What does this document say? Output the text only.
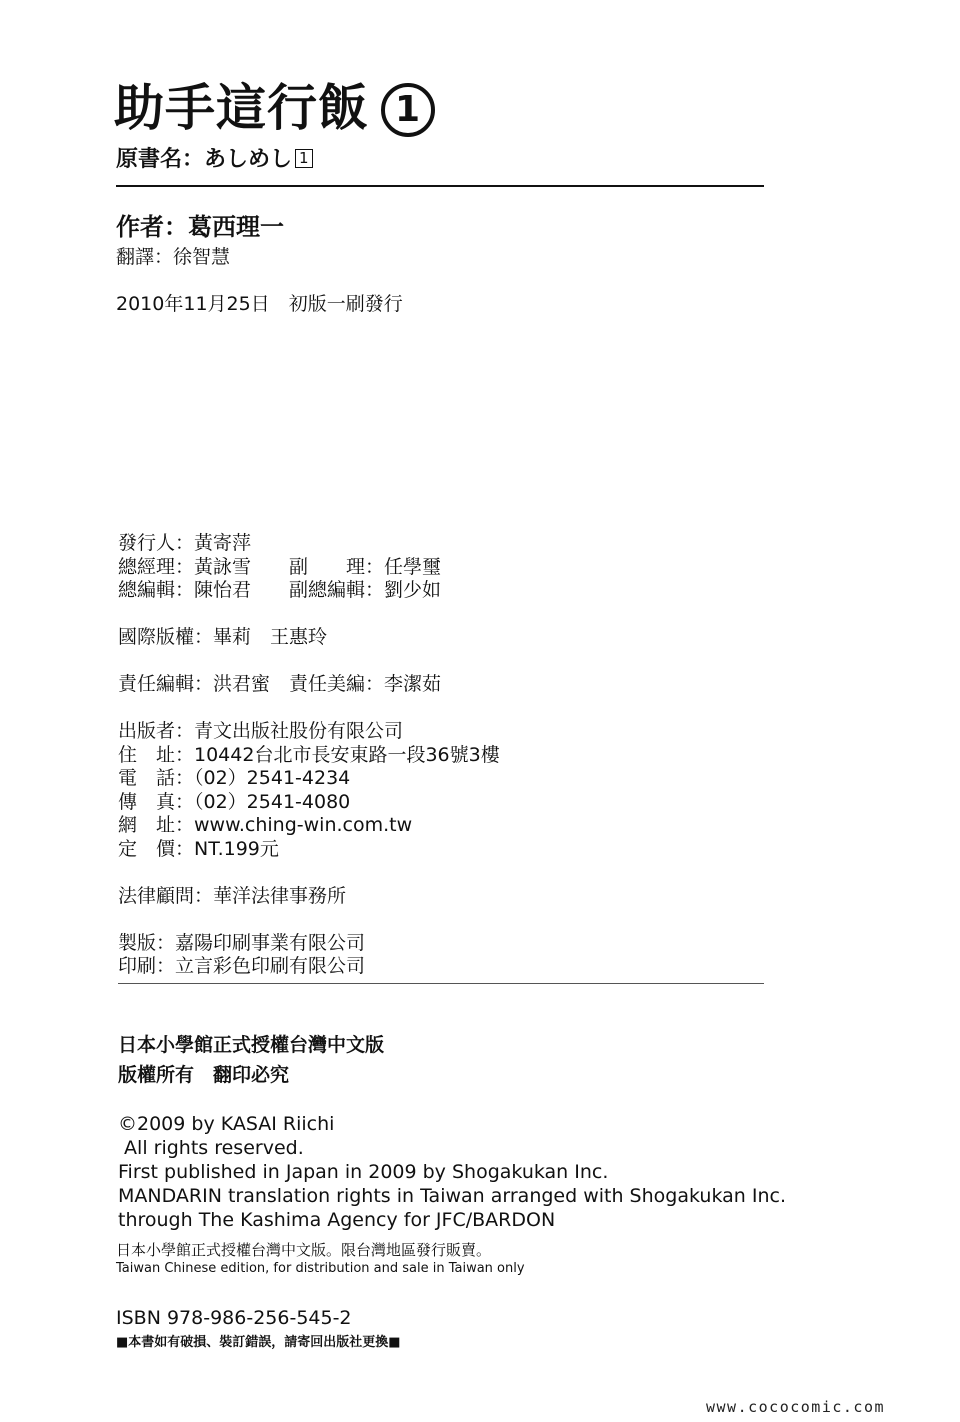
助手這行飯 1
原書名：あしめし 1
作者：葛西理一
翻譯：徐智慧
2010年11月25日　初版一刷發行
發行人：黃寄萍
總經理：黃詠雪　　副　　理：任學璽
總編輯：陳怡君　　副總編輯：劉少如
國際版權：畢莉　王惠玲
責任編輯：洪君蜜　責任美編：李潔茹
出版者：青文出版社股份有限公司
住　址：10442台北市長安東路一段36號3樓
電　話：（02）2541-4234
傳　真：（02）2541-4080
網　址：www.ching-win.com.tw
定　價：NT.199元
法律顧問：華洋法律事務所
製版：嘉陽印刷事業有限公司
印刷：立言彩色印刷有限公司
日本小學館正式授權台灣中文版
版權所有　翻印必究
©2009 by KASAI Riichi
All rights reserved.
First published in Japan in 2009 by Shogakukan Inc.
MANDARIN translation rights in Taiwan arranged with Shogakukan Inc.
through The Kashima Agency for JFC/BARDON
日本小學館正式授權台灣中文版。限台灣地區發行販賣。
Taiwan Chinese edition, for distribution and sale in Taiwan only
ISBN 978-986-256-545-2
■本書如有破損、裝訂錯誤，請寄回出版社更換■
www.cococomic.com
